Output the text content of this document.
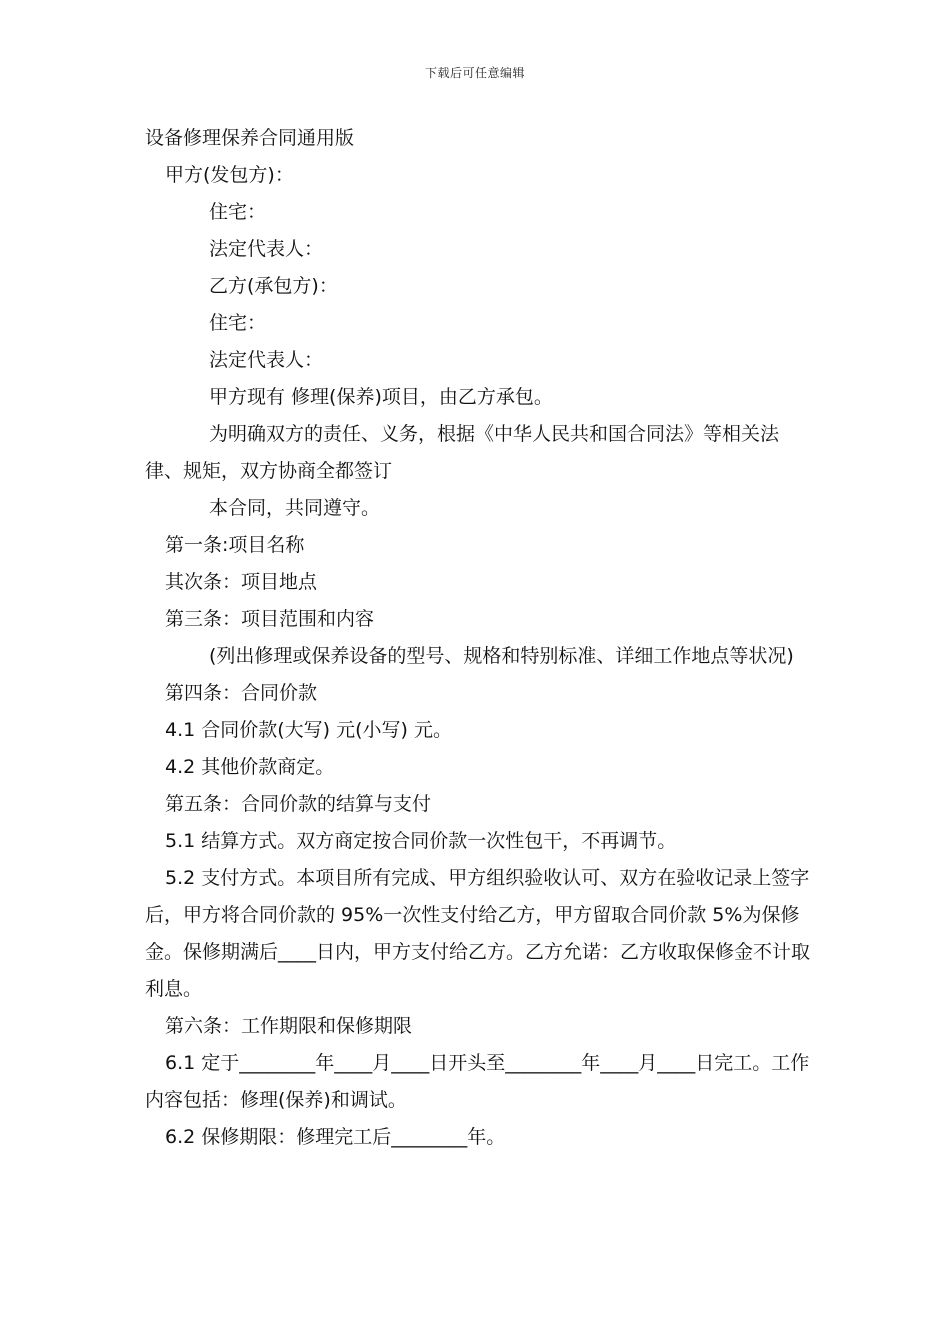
下载后可任意编辑

设备修理保养合同通用版

甲方(发包方)：

住宅：

法定代表人：

乙方(承包方)：

住宅：

法定代表人：

甲方现有 修理(保养)项目，由乙方承包。

为明确双方的责任、义务，根据《中华人民共和国合同法》等相关法律、规矩，双方协商全都签订

本合同，共同遵守。

第一条:项目名称

其次条：项目地点

第三条：项目范围和内容

(列出修理或保养设备的型号、规格和特别标准、详细工作地点等状况)

第四条：合同价款

4.1 合同价款(大写) 元(小写) 元。

4.2 其他价款商定。

第五条：合同价款的结算与支付

5.1 结算方式。双方商定按合同价款一次性包干，不再调节。

5.2 支付方式。本项目所有完成、甲方组织验收认可、双方在验收记录上签字后，甲方将合同价款的 95%一次性支付给乙方，甲方留取合同价款 5%为保修金。保修期满后____日内，甲方支付给乙方。乙方允诺：乙方收取保修金不计取利息。

第六条：工作期限和保修期限

6.1 定于________年____月____日开头至________年____月____日完工。工作内容包括：修理(保养)和调试。

6.2 保修期限：修理完工后________年。
